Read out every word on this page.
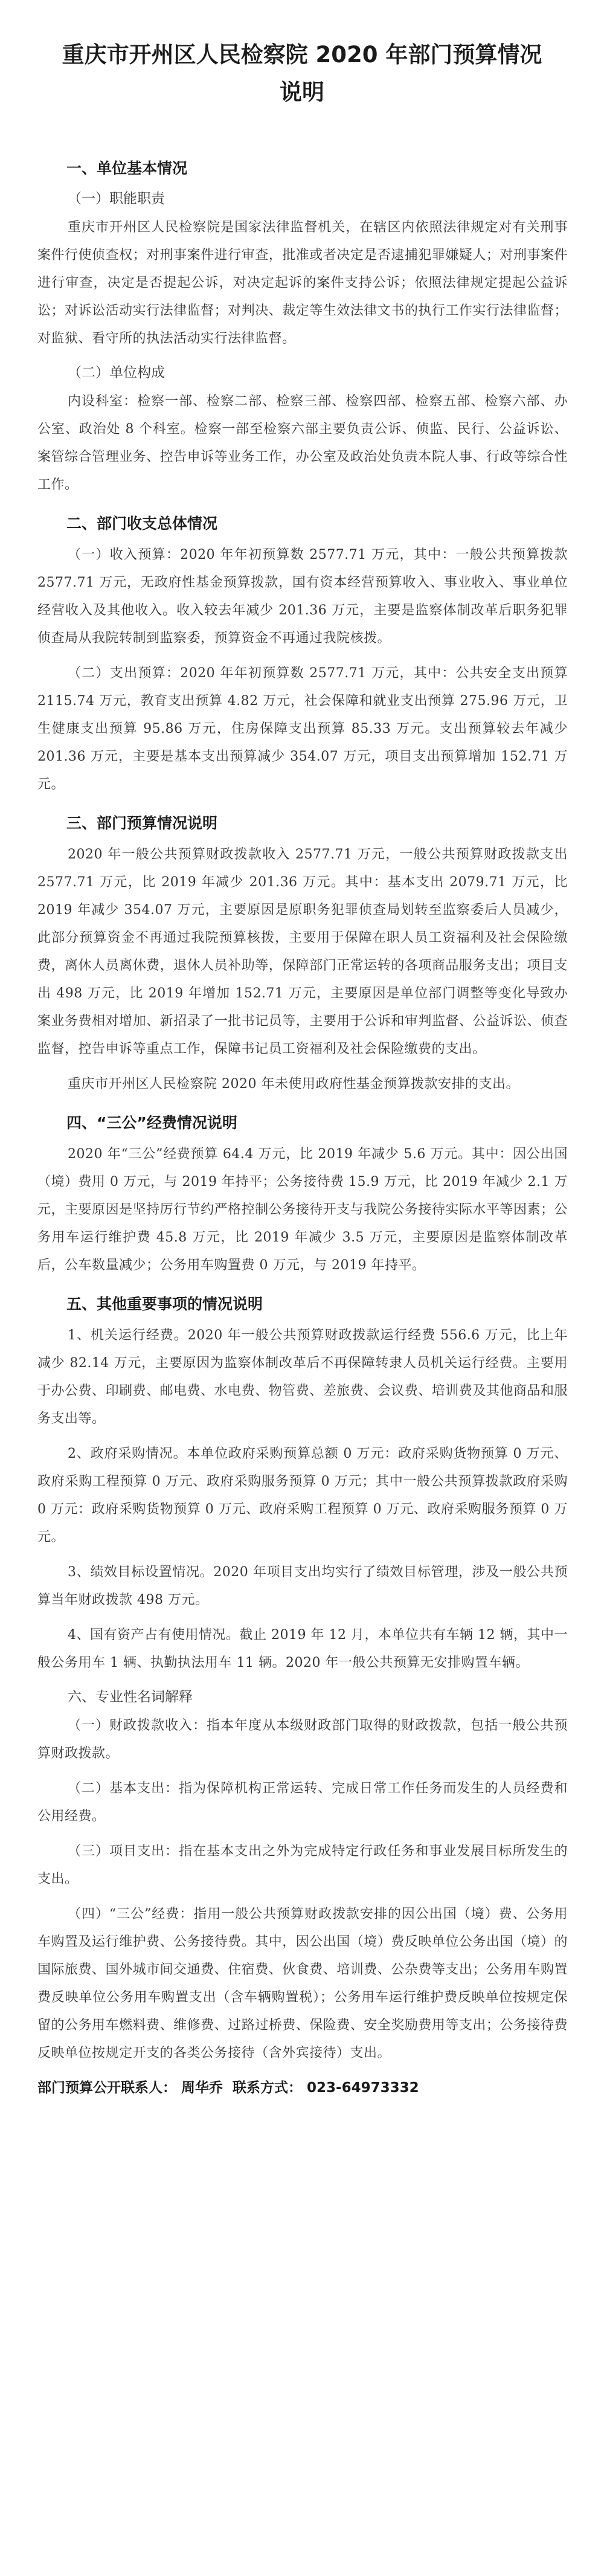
重庆市开州区人民检察院 2020 年部门预算情况
说明
一、单位基本情况
（一）职能职责

重庆市开州区人民检察院是国家法律监督机关，在辖区内依照法律规定对有关刑事案件行使侦查权；对刑事案件进行审查，批准或者决定是否逮捕犯罪嫌疑人；对刑事案件进行审查，决定是否提起公诉，对决定起诉的案件支持公诉；依照法律规定提起公益诉讼；对诉讼活动实行法律监督；对判决、裁定等生效法律文书的执行工作实行法律监督；对监狱、看守所的执法活动实行法律监督。

（二）单位构成

内设科室：检察一部、检察二部、检察三部、检察四部、检察五部、检察六部、办公室、政治处 8 个科室。检察一部至检察六部主要负责公诉、侦监、民行、公益诉讼、案管综合管理业务、控告申诉等业务工作，办公室及政治处负责本院人事、行政等综合性工作。

二、部门收支总体情况

（一）收入预算：2020 年年初预算数 2577.71 万元，其中：一般公共预算拨款 2577.71 万元，无政府性基金预算拨款，国有资本经营预算收入、事业收入、事业单位经营收入及其他收入。收入较去年减少 201.36 万元，主要是监察体制改革后职务犯罪侦查局从我院转制到监察委，预算资金不再通过我院核拨。

（二）支出预算：2020 年年初预算数 2577.71 万元，其中：公共安全支出预算 2115.74 万元，教育支出预算 4.82 万元，社会保障和就业支出预算 275.96 万元，卫生健康支出预算 95.86 万元，住房保障支出预算 85.33 万元。支出预算较去年减少 201.36 万元，主要是基本支出预算减少 354.07 万元，项目支出预算增加 152.71 万元。

三、部门预算情况说明

2020 年一般公共预算财政拨款收入 2577.71 万元，一般公共预算财政拨款支出 2577.71 万元，比 2019 年减少 201.36 万元。其中：基本支出 2079.71 万元，比 2019 年减少 354.07 万元，主要原因是原职务犯罪侦查局划转至监察委后人员减少，此部分预算资金不再通过我院预算核拨，主要用于保障在职人员工资福利及社会保险缴费，离休人员离休费，退休人员补助等，保障部门正常运转的各项商品服务支出；项目支出 498 万元，比 2019 年增加 152.71 万元，主要原因是单位部门调整等变化导致办案业务费相对增加、新招录了一批书记员等，主要用于公诉和审判监督、公益诉讼、侦查监督，控告申诉等重点工作，保障书记员工资福利及社会保险缴费的支出。

重庆市开州区人民检察院 2020 年未使用政府性基金预算拨款安排的支出。

四、“三公”经费情况说明

2020 年“三公”经费预算 64.4 万元，比 2019 年减少 5.6 万元。其中：因公出国（境）费用 0 万元，与 2019 年持平；公务接待费 15.9 万元，比 2019 年减少 2.1 万元，主要原因是坚持厉行节约严格控制公务接待开支与我院公务接待实际水平等因素；公务用车运行维护费 45.8 万元，比 2019 年减少 3.5 万元，主要原因是监察体制改革后，公车数量减少；公务用车购置费 0 万元，与 2019 年持平。

五、其他重要事项的情况说明

1、机关运行经费。2020 年一般公共预算财政拨款运行经费 556.6 万元，比上年减少 82.14 万元，主要原因为监察体制改革后不再保障转隶人员机关运行经费。主要用于办公费、印刷费、邮电费、水电费、物管费、差旅费、会议费、培训费及其他商品和服务支出等。

2、政府采购情况。本单位政府采购预算总额 0 万元：政府采购货物预算 0 万元、政府采购工程预算 0 万元、政府采购服务预算 0 万元；其中一般公共预算拨款政府采购 0 万元：政府采购货物预算 0 万元、政府采购工程预算 0 万元、政府采购服务预算 0 万元。

3、绩效目标设置情况。2020 年项目支出均实行了绩效目标管理，涉及一般公共预算当年财政拨款 498 万元。

4、国有资产占有使用情况。截止 2019 年 12 月，本单位共有车辆 12 辆，其中一般公务用车 1 辆、执勤执法用车 11 辆。2020 年一般公共预算无安排购置车辆。

六、专业性名词解释

（一）财政拨款收入：指本年度从本级财政部门取得的财政拨款，包括一般公共预算财政拨款。

（二）基本支出：指为保障机构正常运转、完成日常工作任务而发生的人员经费和公用经费。

（三）项目支出：指在基本支出之外为完成特定行政任务和事业发展目标所发生的支出。

（四）“三公”经费：指用一般公共预算财政拨款安排的因公出国（境）费、公务用车购置及运行维护费、公务接待费。其中，因公出国（境）费反映单位公务出国（境）的国际旅费、国外城市间交通费、住宿费、伙食费、培训费、公杂费等支出；公务用车购置费反映单位公务用车购置支出（含车辆购置税）；公务用车运行维护费反映单位按规定保留的公务用车燃料费、维修费、过路过桥费、保险费、安全奖励费用等支出；公务接待费反映单位按规定开支的各类公务接待（含外宾接待）支出。

部门预算公开联系人： 周华乔 联系方式： 023-64973332
